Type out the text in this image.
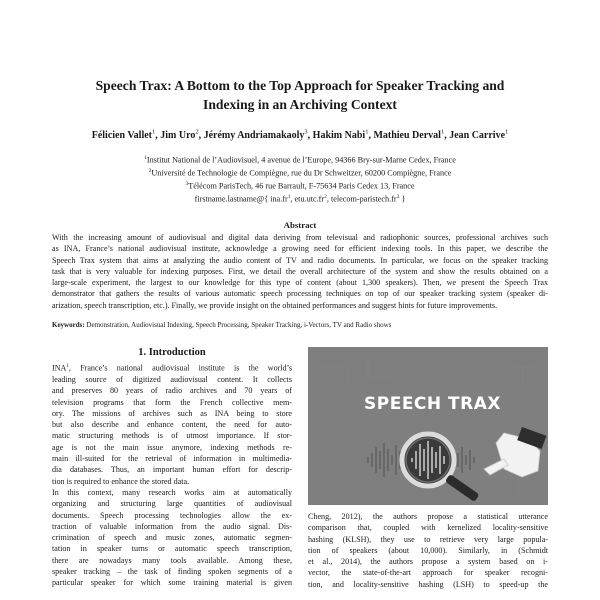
Speech Trax: A Bottom to the Top Approach for Speaker Tracking and
Indexing in an Archiving Context
Félicien Vallet$^1$, Jim Uro$^2$, Jérémy Andriamakaoly$^3$, Hakim Nabi$^1$, Mathieu Derval$^1$, Jean Carrive$^1$
$^1$Institut National de l’Audiovisuel, 4 avenue de l’Europe, 94366 Bry-sur-Marne Cedex, France
$^2$Université de Technologie de Compiègne, rue du Dr Schweitzer, 60200 Compiègne, France
$^3$Télécom ParisTech, 46 rue Barrault, F-75634 Paris Cedex 13, France
firstname.lastname@{ $ina.fr^1$, $etu.utc.fr^2$, telecom-$paristech.fr^3$ }
Abstract
With the increasing amount of audiovisual and digital data deriving from televisual and radiophonic sources, professional archives such
as INA, France’s national audiovisual institute, acknowledge a growing need for efficient indexing tools. In this paper, we describe the
Speech Trax system that aims at analyzing the audio content of TV and radio documents. In particular, we focus on the speaker tracking
task that is very valuable for indexing purposes. First, we detail the overall architecture of the system and show the results obtained on a
large-scale experiment, the largest to our knowledge for this type of content (about 1,300 speakers). Then, we present the Speech Trax
demonstrator that gathers the results of various automatic speech processing techniques on top of our speaker tracking system (speaker di-
arization, speech transcription, etc.). Finally, we provide insight on the obtained performances and suggest hints for future improvements.
Keywords: Demonstration, Audiovisual Indexing, Speech Processing, Speaker Tracking, i-Vectors, TV and Radio shows
1. Introduction
INA$^1$, France’s national audiovisual institute is the world’s
leading source of digitized audiovisual content. It collects
and preserves 80 years of radio archives and 70 years of
television programs that form the French collective mem-
ory. The missions of archives such as INA being to store
but also describe and enhance content, the need for auto-
matic structuring methods is of utmost importance. If stor-
age is not the main issue anymore, indexing methods re-
main ill-suited for the retrieval of information in multimedia-
dia databases. Thus, an important human effort for descrip-
tion is required to enhance the stored data.
In this context, many research works aim at automatically
organizing and structuring large quantities of audiovisual
documents. Speech processing technologies allow the ex-
traction of valuable information from the audio signal. Dis-
crimination of speech and music zones, automatic segmen-
tation in speaker turns or automatic speech transcription,
there are nowadays many tools available. Among these,
speaker tracking – the task of finding spoken segments of a
particular speaker for which some training material is given
SPEECH TRAX
Cheng, 2012), the authors propose a statistical utterance
comparison that, coupled with kernelized locality-sensitive
hashing (KLSH), they use to retrieve very large popula-
tion of speakers (about 10,000). Similarly, in (Schmidt
et al., 2014), the authors propose a system based on i-
vector, the state-of-the-art approach for speaker recogni-
tion, and locality-sensitive hashing (LSH) to speed-up the
